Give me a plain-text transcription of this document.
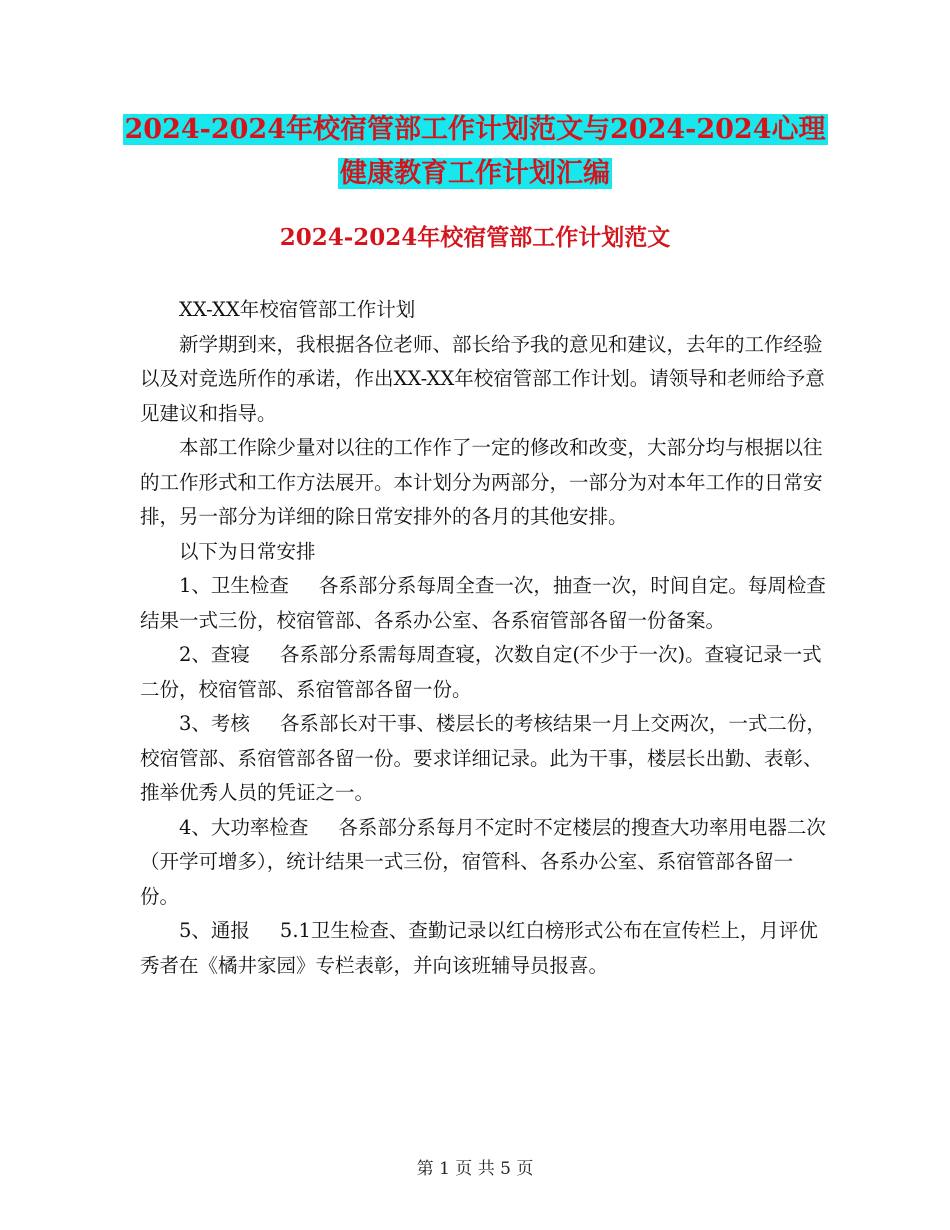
2024-2024年校宿管部工作计划范文与2024-2024心理
健康教育工作计划汇编
2024-2024年校宿管部工作计划范文

XX-XX年校宿管部工作计划

新学期到来，我根据各位老师、部长给予我的意见和建议，去年的工作经验以及对竞选所作的承诺，作出XX-XX年校宿管部工作计划。请领导和老师给予意见建议和指导。

本部工作除少量对以往的工作作了一定的修改和改变，大部分均与根据以往的工作形式和工作方法展开。本计划分为两部分，一部分为对本年工作的日常安排，另一部分为详细的除日常安排外的各月的其他安排。

以下为日常安排

1、卫生检查 各系部分系每周全查一次，抽查一次，时间自定。每周检查结果一式三份，校宿管部、各系办公室、各系宿管部各留一份备案。

2、查寝 各系部分系需每周查寝，次数自定(不少于一次)。查寝记录一式二份，校宿管部、系宿管部各留一份。

3、考核 各系部长对干事、楼层长的考核结果一月上交两次，一式二份，校宿管部、系宿管部各留一份。要求详细记录。此为干事，楼层长出勤、表彰、推举优秀人员的凭证之一。

4、大功率检查 各系部分系每月不定时不定楼层的搜查大功率用电器二次（开学可增多），统计结果一式三份，宿管科、各系办公室、系宿管部各留一份。

5、通报 5.1卫生检查、查勤记录以红白榜形式公布在宣传栏上，月评优秀者在《橘井家园》专栏表彰，并向该班辅导员报喜。

第 1 页 共 5 页
